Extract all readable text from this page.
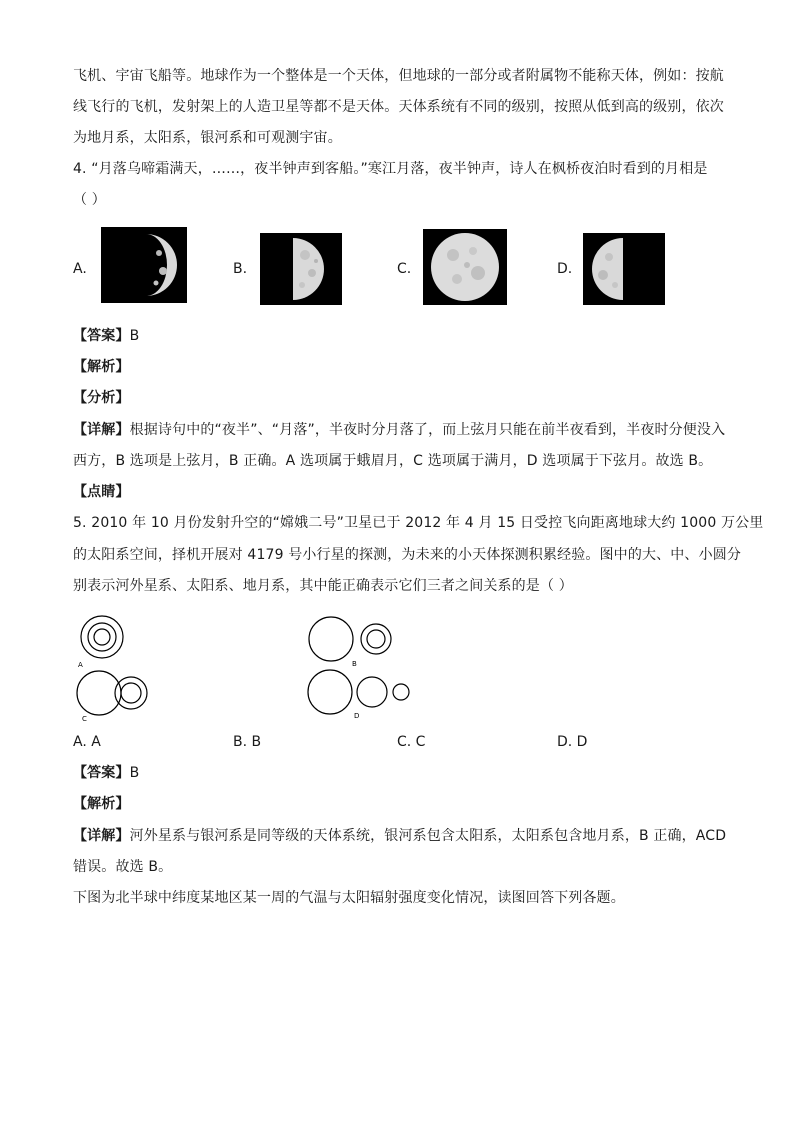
飞机、宇宙飞船等。地球作为一个整体是一个天体，但地球的一部分或者附属物不能称天体，例如：按航
线飞行的飞机，发射架上的人造卫星等都不是天体。天体系统有不同的级别，按照从低到高的级别，依次
为地月系，太阳系，银河系和可观测宇宙。
4. “月落乌啼霜满天，……，夜半钟声到客船。”寒江月落，夜半钟声，诗人在枫桥夜泊时看到的月相是
（ ）
A.	B.	C.	D.
【答案】B
【解析】
【分析】
【详解】根据诗句中的“夜半”、“月落”，半夜时分月落了，而上弦月只能在前半夜看到，半夜时分便没入
西方，B 选项是上弦月，B 正确。A 选项属于蛾眉月，C 选项属于满月，D 选项属于下弦月。故选 B。
【点睛】
5. 2010 年 10 月份发射升空的“嫦娥二号”卫星已于 2012 年 4 月 15 日受控飞向距离地球大约 1000 万公里
的太阳系空间，择机开展对 4179 号小行星的探测，为未来的小天体探测积累经验。图中的大、中、小圆分
别表示河外星系、太阳系、地月系，其中能正确表示它们三者之间关系的是（ ）
A	B
C	D
A. A	B. B	C. C	D. D
【答案】B
【解析】
【详解】河外星系与银河系是同等级的天体系统，银河系包含太阳系，太阳系包含地月系，B 正确，ACD
错误。故选 B。
下图为北半球中纬度某地区某一周的气温与太阳辐射强度变化情况，读图回答下列各题。
